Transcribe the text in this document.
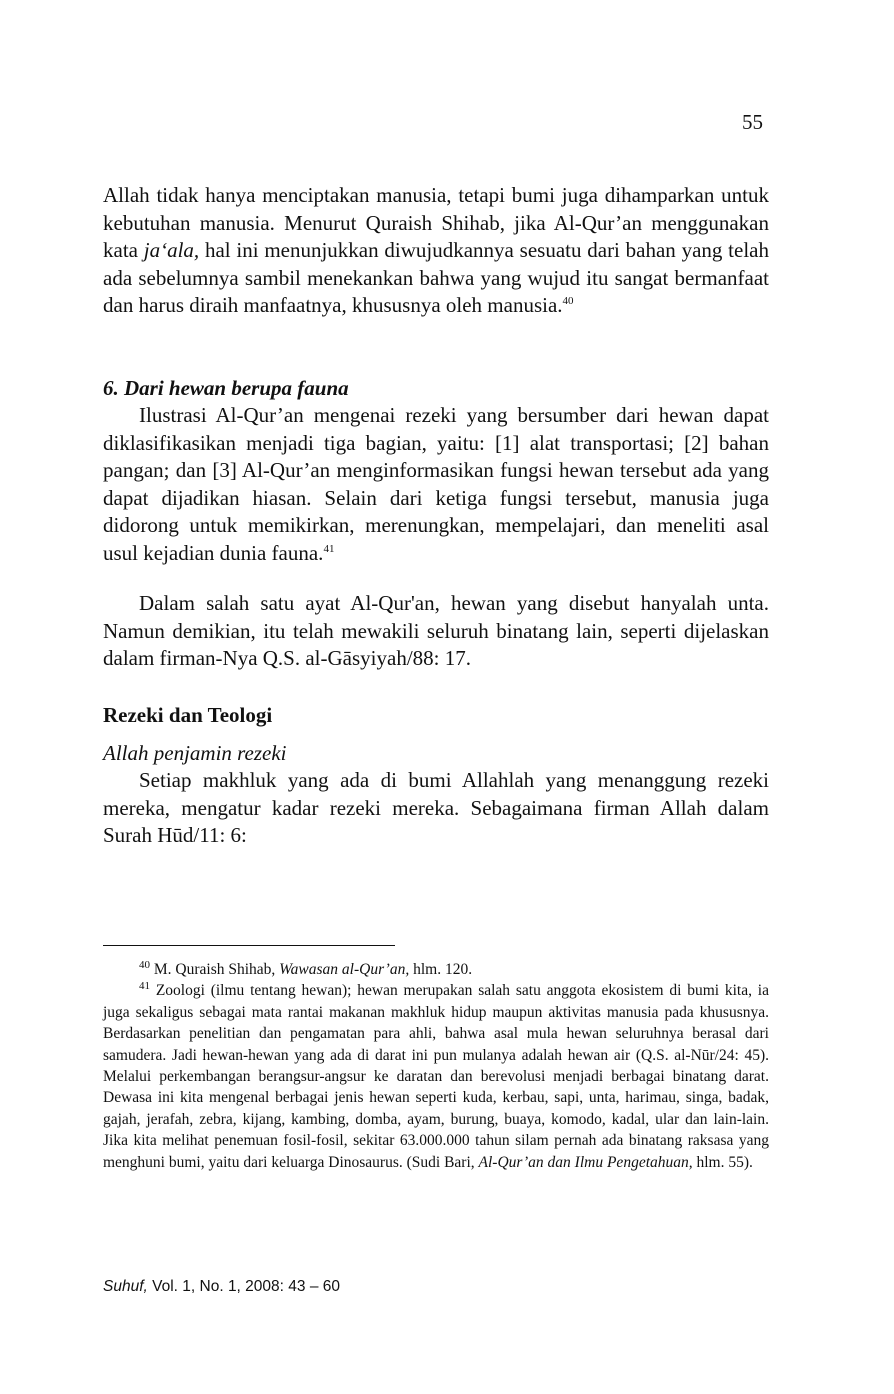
55

Allah tidak hanya menciptakan manusia, tetapi bumi juga dihamparkan untuk kebutuhan manusia. Menurut Quraish Shihab, jika Al-Qur’an menggunakan kata ja‘ala, hal ini menunjukkan diwujudkannya sesuatu dari bahan yang telah ada sebelumnya sambil menekankan bahwa yang wujud itu sangat bermanfaat dan harus diraih manfaatnya, khususnya oleh manusia.$^{40}$

6. Dari hewan berupa fauna

Ilustrasi Al-Qur’an mengenai rezeki yang bersumber dari hewan dapat diklasifikasikan menjadi tiga bagian, yaitu: [1] alat transportasi; [2] bahan pangan; dan [3] Al-Qur’an menginformasikan fungsi hewan tersebut ada yang dapat dijadikan hiasan. Selain dari ketiga fungsi tersebut, manusia juga didorong untuk memikirkan, merenungkan, mempelajari, dan meneliti asal usul kejadian dunia fauna.$^{41}$

Dalam salah satu ayat Al-Qur'an, hewan yang disebut hanyalah unta. Namun demikian, itu telah mewakili seluruh binatang lain, seperti dijelaskan dalam firman-Nya Q.S. al-Gāsyiyah/88: 17.

Rezeki dan Teologi
Allah penjamin rezeki

Setiap makhluk yang ada di bumi Allahlah yang menanggung rezeki mereka, mengatur kadar rezeki mereka. Sebagaimana firman Allah dalam Surah Hūd/11: 6:

$^{40}$ M. Quraish Shihab, Wawasan al-Qur’an, hlm. 120.

$^{41}$ Zoologi (ilmu tentang hewan); hewan merupakan salah satu anggota ekosistem di bumi kita, ia juga sekaligus sebagai mata rantai makanan makhluk hidup maupun aktivitas manusia pada khususnya. Berdasarkan penelitian dan pengamatan para ahli, bahwa asal mula hewan seluruhnya berasal dari samudera. Jadi hewan-hewan yang ada di darat ini pun mulanya adalah hewan air (Q.S. al-Nūr/24: 45). Melalui perkembangan berangsur-angsur ke daratan dan berevolusi menjadi berbagai binatang darat. Dewasa ini kita mengenal berbagai jenis hewan seperti kuda, kerbau, sapi, unta, harimau, singa, badak, gajah, jerafah, zebra, kijang, kambing, domba, ayam, burung, buaya, komodo, kadal, ular dan lain-lain. Jika kita melihat penemuan fosil-fosil, sekitar 63.000.000 tahun silam pernah ada binatang raksasa yang menghuni bumi, yaitu dari keluarga Dinosaurus. (Sudi Bari, Al-Qur’an dan Ilmu Pengetahuan, hlm. 55).

Suhuf, Vol. 1, No. 1, 2008: 43 – 60
